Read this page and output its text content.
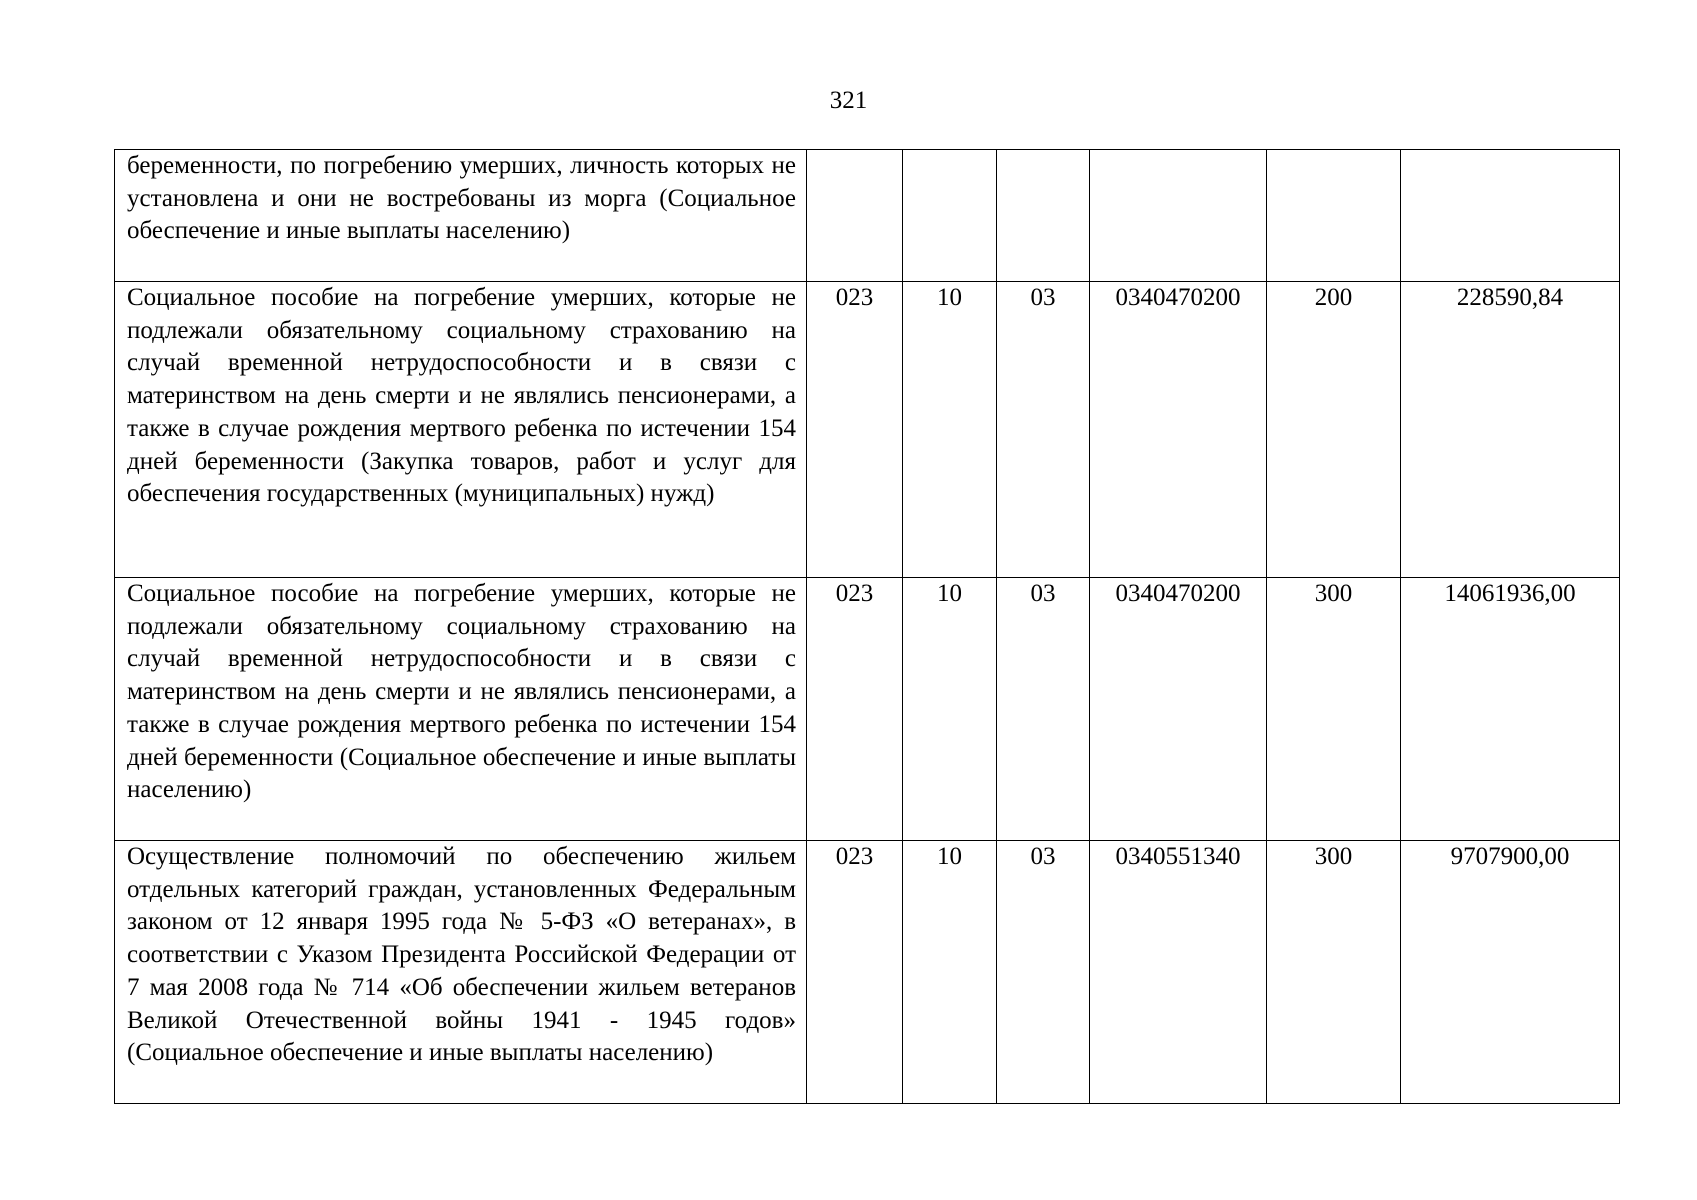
321
беременности, по погребению умерших, личность которых не установлена и они не востребованы из морга (Социальное обеспечение и иные выплаты населению)						
Социальное пособие на погребение умерших, которые не подлежали обязательному социальному страхованию на случай временной нетрудоспособности и в связи с материнством на день смерти и не являлись пенсионерами, а также в случае рождения мертвого ребенка по истечении 154 дней беременности (Закупка товаров, работ и услуг для обеспечения государственных (муниципальных) нужд)	023	10	03	0340470200	200	228590,84
Социальное пособие на погребение умерших, которые не подлежали обязательному социальному страхованию на случай временной нетрудоспособности и в связи с материнством на день смерти и не являлись пенсионерами, а также в случае рождения мертвого ребенка по истечении 154 дней беременности (Социальное обеспечение и иные выплаты населению)	023	10	03	0340470200	300	14061936,00
Осуществление полномочий по обеспечению жильем отдельных категорий граждан, установленных Федеральным законом от 12 января 1995 года № 5-ФЗ «О ветеранах», в соответствии с Указом Президента Российской Федерации от 7 мая 2008 года № 714 «Об обеспечении жильем ветеранов Великой Отечественной войны 1941 - 1945 годов» (Социальное обеспечение и иные выплаты населению)	023	10	03	0340551340	300	9707900,00
